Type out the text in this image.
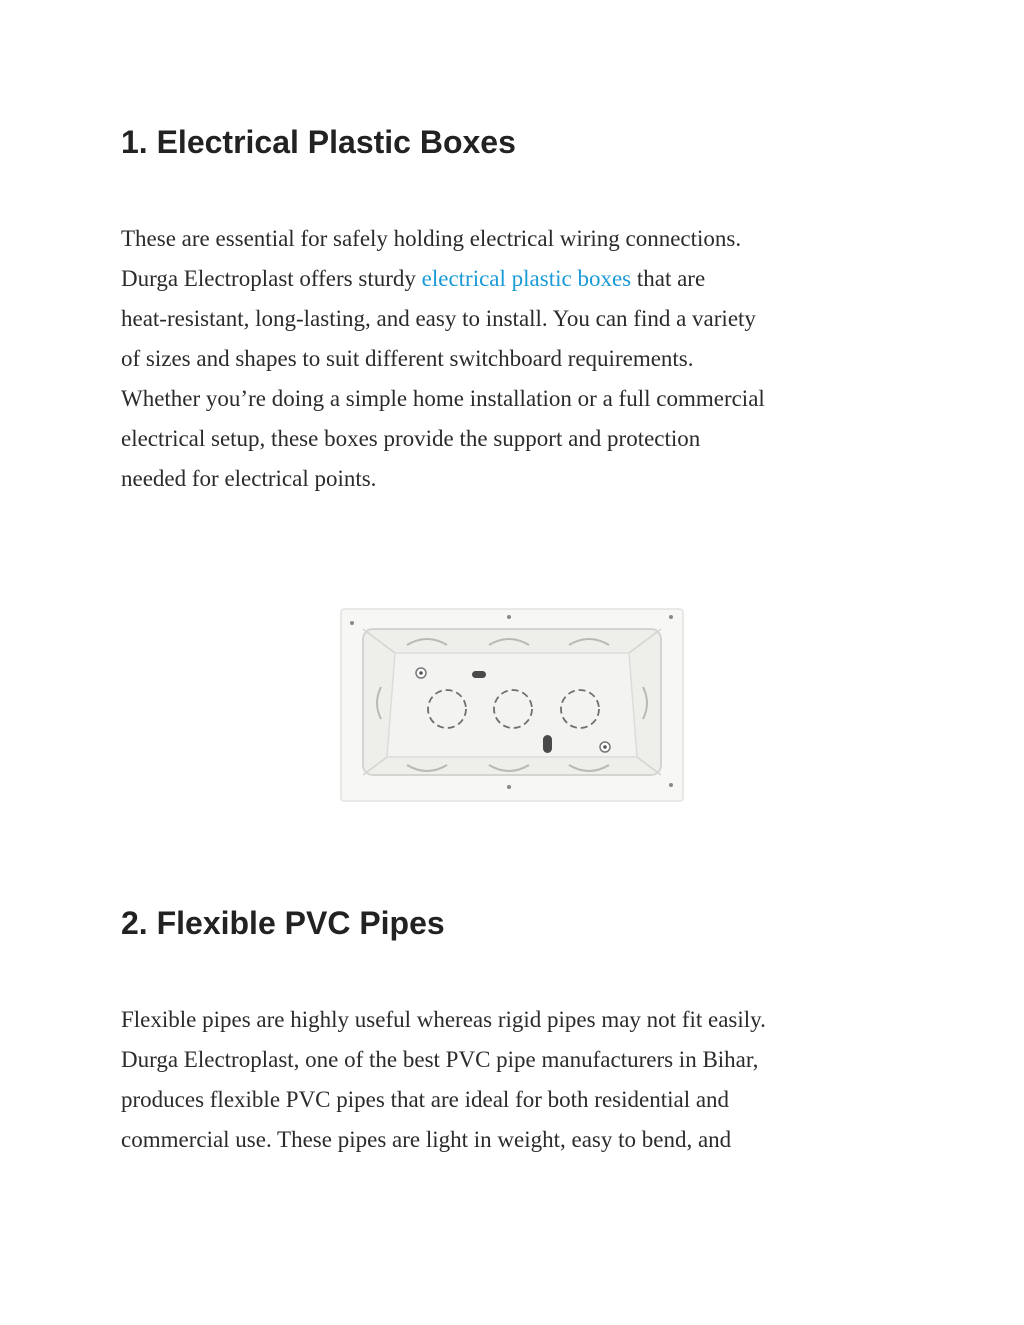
1. Electrical Plastic Boxes

These are essential for safely holding electrical wiring connections.
Durga Electroplast offers sturdy electrical plastic boxes that are
heat-resistant, long-lasting, and easy to install. You can find a variety
of sizes and shapes to suit different switchboard requirements.
Whether you’re doing a simple home installation or a full commercial
electrical setup, these boxes provide the support and protection
needed for electrical points.

2. Flexible PVC Pipes

Flexible pipes are highly useful whereas rigid pipes may not fit easily.
Durga Electroplast, one of the best PVC pipe manufacturers in Bihar,
produces flexible PVC pipes that are ideal for both residential and
commercial use. These pipes are light in weight, easy to bend, and
